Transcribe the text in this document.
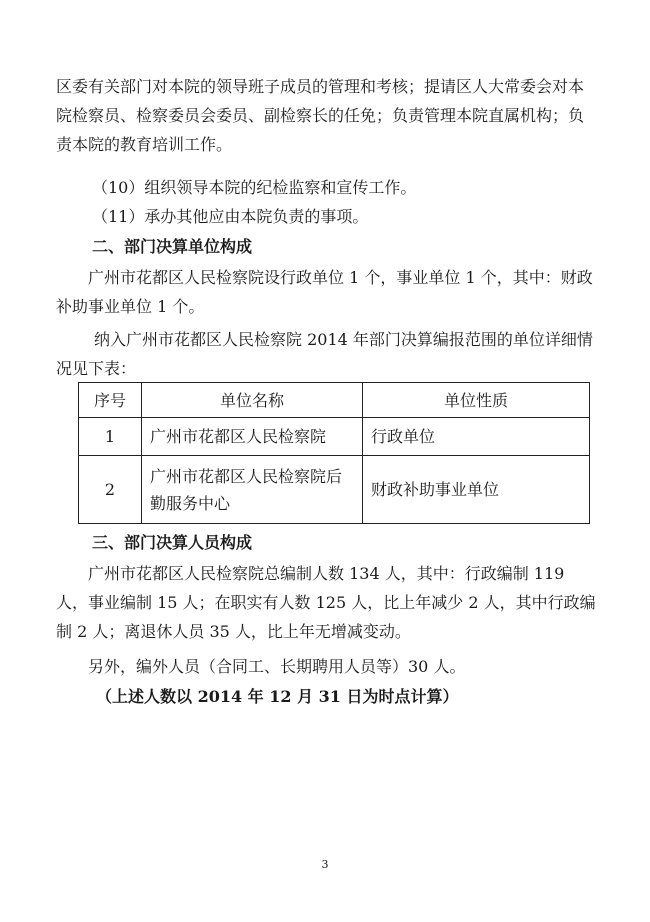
区委有关部门对本院的领导班子成员的管理和考核；提请区人大常委会对本院检察员、检察委员会委员、副检察长的任免；负责管理本院直属机构；负责本院的教育培训工作。

（10）组织领导本院的纪检监察和宣传工作。

（11）承办其他应由本院负责的事项。

二、部门决算单位构成

广州市花都区人民检察院设行政单位 1 个，事业单位 1 个，其中：财政补助事业单位 1 个。

纳入广州市花都区人民检察院 2014 年部门决算编报范围的单位详细情况见下表：

序号	单位名称	单位性质
1	广州市花都区人民检察院	行政单位
2	广州市花都区人民检察院后勤服务中心	财政补助事业单位

三、部门决算人员构成

广州市花都区人民检察院总编制人数 134 人，其中：行政编制 119 人，事业编制 15 人；在职实有人数 125 人，比上年减少 2 人，其中行政编制 2 人；离退休人员 35 人，比上年无增减变动。

另外，编外人员（合同工、长期聘用人员等）30 人。

（上述人数以 2014 年 12 月 31 日为时点计算）

3
